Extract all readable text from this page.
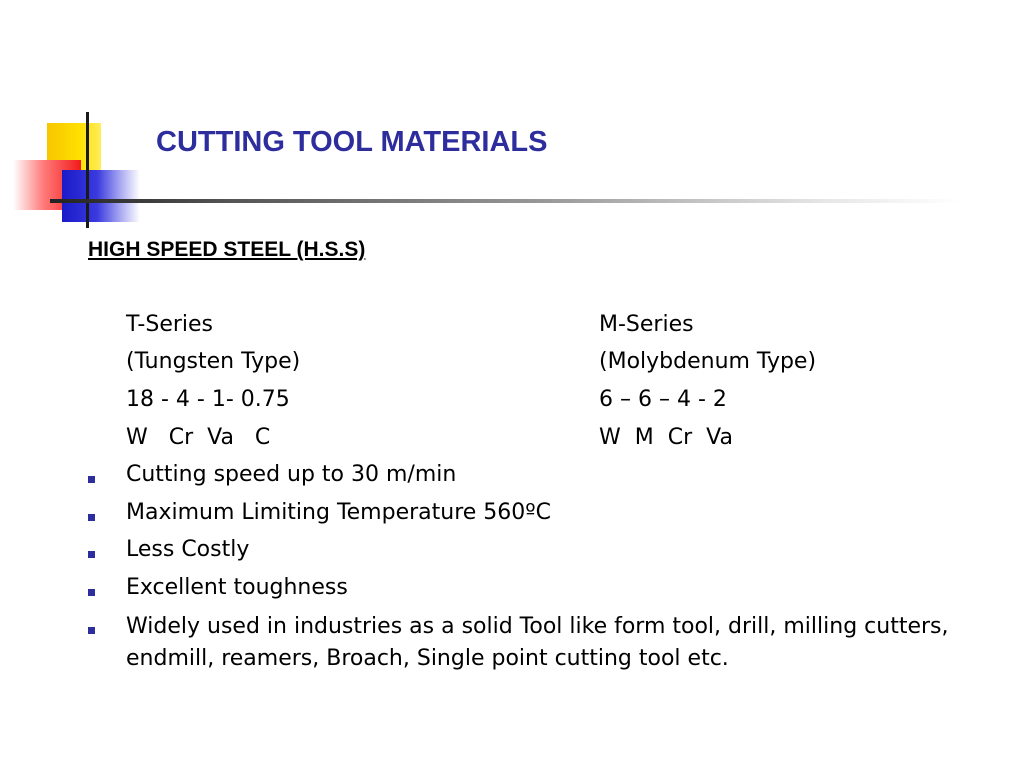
CUTTING TOOL MATERIALS
HIGH SPEED STEEL (H.S.S)
T-Series
(Tungsten Type)
18 - 4 - 1- 0.75
W   Cr  Va   C
M-Series
(Molybdenum Type)
6 – 6 – 4 - 2
W  M  Cr  Va
Cutting speed up to 30 m/min
Maximum Limiting Temperature 560ºC
Less Costly
Excellent toughness
Widely used in industries as a solid Tool like form tool, drill, milling cutters, endmill, reamers, Broach, Single point cutting tool etc.
